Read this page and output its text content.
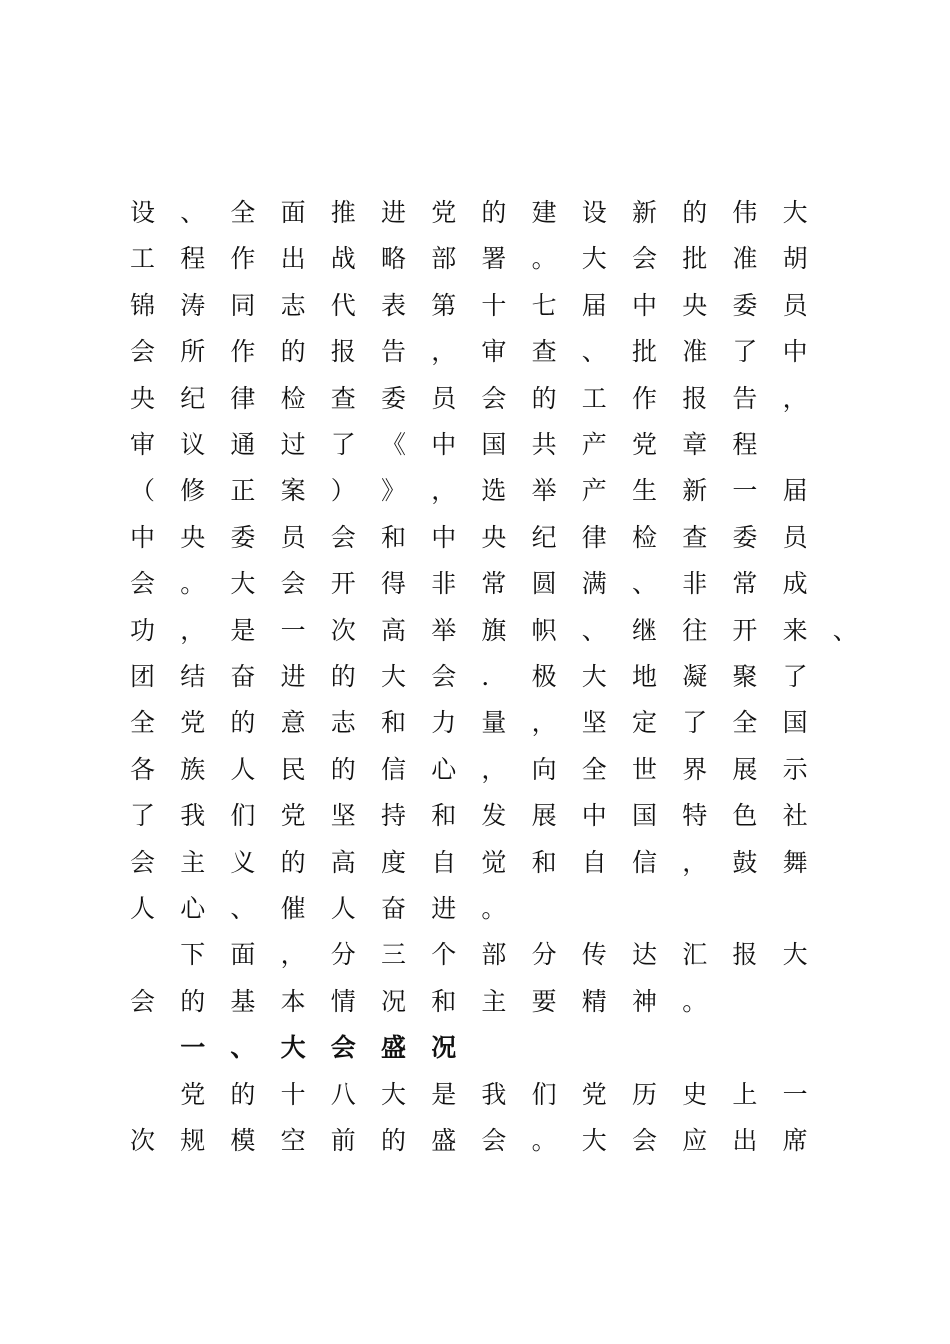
设 、 全 面 推 进 党 的 建 设 新 的 伟 大
工 程 作 出 战 略 部 署 。 大 会 批 准 胡
锦 涛 同 志 代 表 第 十 七 届 中 央 委 员
会 所 作 的 报 告 ， 审 查 、 批 准 了 中
央 纪 律 检 查 委 员 会 的 工 作 报 告 ，
审 议 通 过 了 《 中 国 共 产 党 章 程
（ 修 正 案 ） 》 ， 选 举 产 生 新 一 届
中 央 委 员 会 和 中 央 纪 律 检 查 委 员
会 。 大 会 开 得 非 常 圆 满 、 非 常 成
功 ， 是 一 次 高 举 旗 帜 、 继 往 开 来 、
团 结 奋 进 的 大 会 ． 极 大 地 凝 聚 了
全 党 的 意 志 和 力 量 ， 坚 定 了 全 国
各 族 人 民 的 信 心 ， 向 全 世 界 展 示
了 我 们 党 坚 持 和 发 展 中 国 特 色 社
会 主 义 的 高 度 自 觉 和 自 信 ， 鼓 舞
人 心 、 催 人 奋 进 。
下 面 ， 分 三 个 部 分 传 达 汇 报 大
会 的 基 本 情 况 和 主 要 精 神 。
一 、 大 会 盛 况
党 的 十 八 大 是 我 们 党 历 史 上 一
次 规 模 空 前 的 盛 会 。 大 会 应 出 席
